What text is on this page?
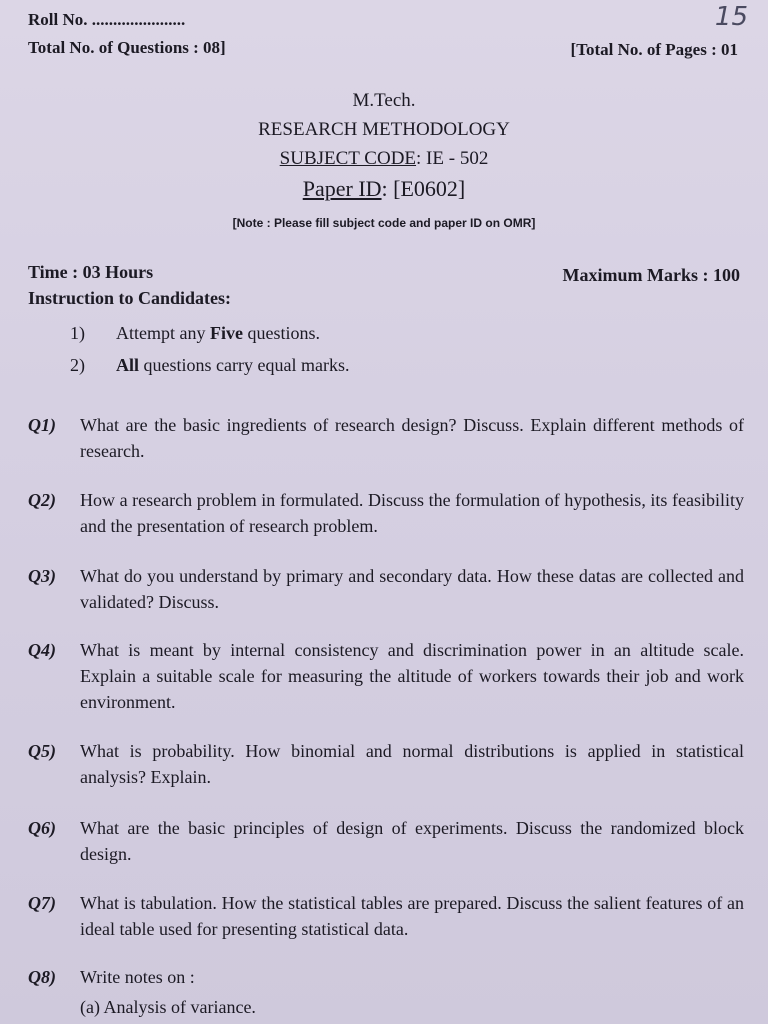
Roll No. ......................	15
Total No. of Questions : 08]	[Total No. of Pages : 01
M.Tech.
RESEARCH METHODOLOGY
SUBJECT CODE: IE - 502
Paper ID: [E0602]
[Note : Please fill subject code and paper ID on OMR]
Time : 03 Hours	Maximum Marks : 100
Instruction to Candidates:
1) Attempt any Five questions.
2) All questions carry equal marks.
Q1) What are the basic ingredients of research design? Discuss. Explain different methods of research.
Q2) How a research problem in formulated. Discuss the formulation of hypothesis, its feasibility and the presentation of research problem.
Q3) What do you understand by primary and secondary data. How these datas are collected and validated? Discuss.
Q4) What is meant by internal consistency and discrimination power in an altitude scale. Explain a suitable scale for measuring the altitude of workers towards their job and work environment.
Q5) What is probability. How binomial and normal distributions is applied in statistical analysis? Explain.
Q6) What are the basic principles of design of experiments. Discuss the randomized block design.
Q7) What is tabulation. How the statistical tables are prepared. Discuss the salient features of an ideal table used for presenting statistical data.
Q8) Write notes on :
(a) Analysis of variance.
